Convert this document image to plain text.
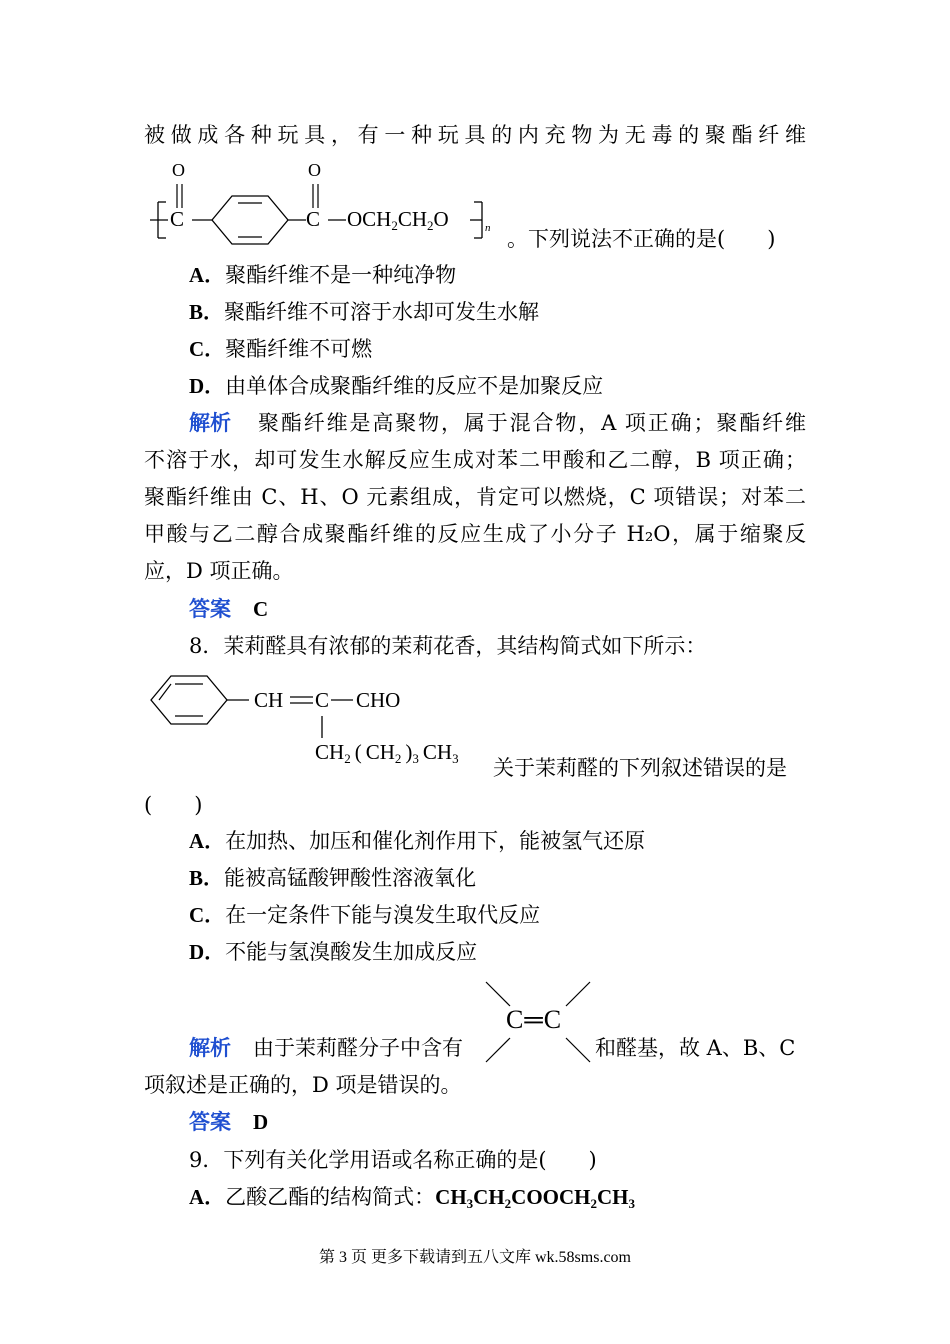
被做成各种玩具，有一种玩具的内充物为无毒的聚酯纤维
O	O
C	C $OCH_2CH_2O$	n 。下列说法不正确的是(　　)
A．聚酯纤维不是一种纯净物
B．聚酯纤维不可溶于水却可发生水解
C．聚酯纤维不可燃
D．由单体合成聚酯纤维的反应不是加聚反应
解析 聚酯纤维是高聚物，属于混合物，A 项正确；聚酯纤维
不溶于水，却可发生水解反应生成对苯二甲酸和乙二醇，B 项正确；
聚酯纤维由 C、H、O 元素组成，肯定可以燃烧，C 项错误；对苯二
甲酸与乙二醇合成聚酯纤维的反应生成了小分子 H₂O，属于缩聚反
应，D 项正确。
答案 C
8．茉莉醛具有浓郁的茉莉花香，其结构简式如下所示：
CH C CHO
$CH_2$ ( $CH_2$ )$_3$ $CH_3$ 关于茉莉醛的下列叙述错误的是
(　　)
A．在加热、加压和催化剂作用下，能被氢气还原
B．能被高锰酸钾酸性溶液氧化
C．在一定条件下能与溴发生取代反应
D．不能与氢溴酸发生加成反应
解析 由于茉莉醛分子中含有
C═C
和醛基，故 A、B、C
项叙述是正确的，D 项是错误的。
答案 D
9．下列有关化学用语或名称正确的是(　　)
A．乙酸乙酯的结构简式：$CH_3CH_2COOCH_2CH_3$
第 3 页 更多下载请到五八文库 wk.58sms.com
